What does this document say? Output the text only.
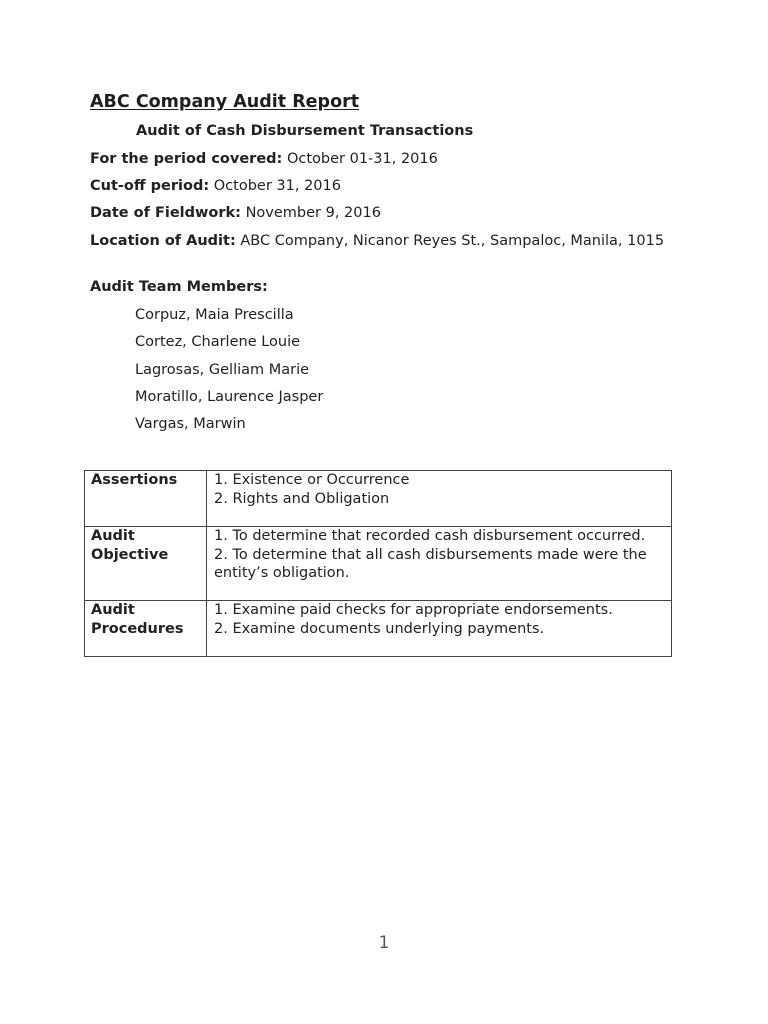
ABC Company Audit Report
Audit of Cash Disbursement Transactions

For the period covered: October 01-31, 2016

Cut-off period: October 31, 2016

Date of Fieldwork: November 9, 2016

Location of Audit: ABC Company, Nicanor Reyes St., Sampaloc, Manila, 1015

Audit Team Members:

Corpuz, Maia Prescilla
Cortez, Charlene Louie
Lagrosas, Gelliam Marie
Moratillo, Laurence Jasper
Vargas, Marwin
Assertions	1. Existence or Occurrence
2. Rights and Obligation

Audit Objective	1. To determine that recorded cash disbursement occurred.
2. To determine that all cash disbursements made were the entity’s obligation.

Audit Procedures	1. Examine paid checks for appropriate endorsements.
2. Examine documents underlying payments.

1
